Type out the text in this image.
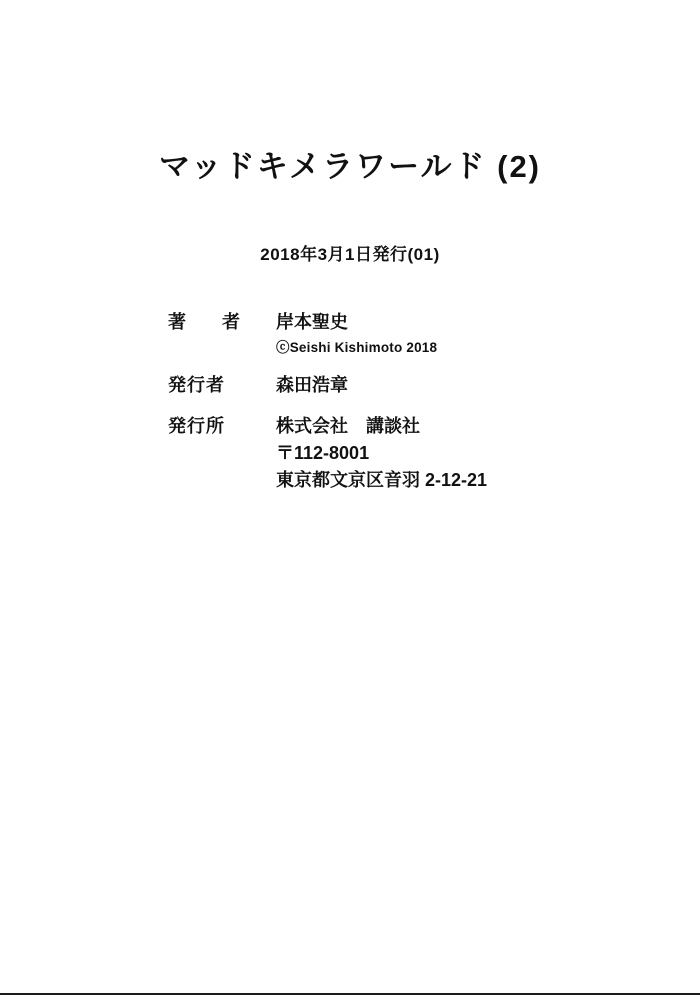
マッドキメラワールド (2)

2018年3月1日発行(01)

著　者	岸本聖史
ⓒSeishi Kishimoto 2018
発行者	森田浩章
発行所	株式会社　講談社
〒112-8001
東京都文京区音羽 2-12-21
